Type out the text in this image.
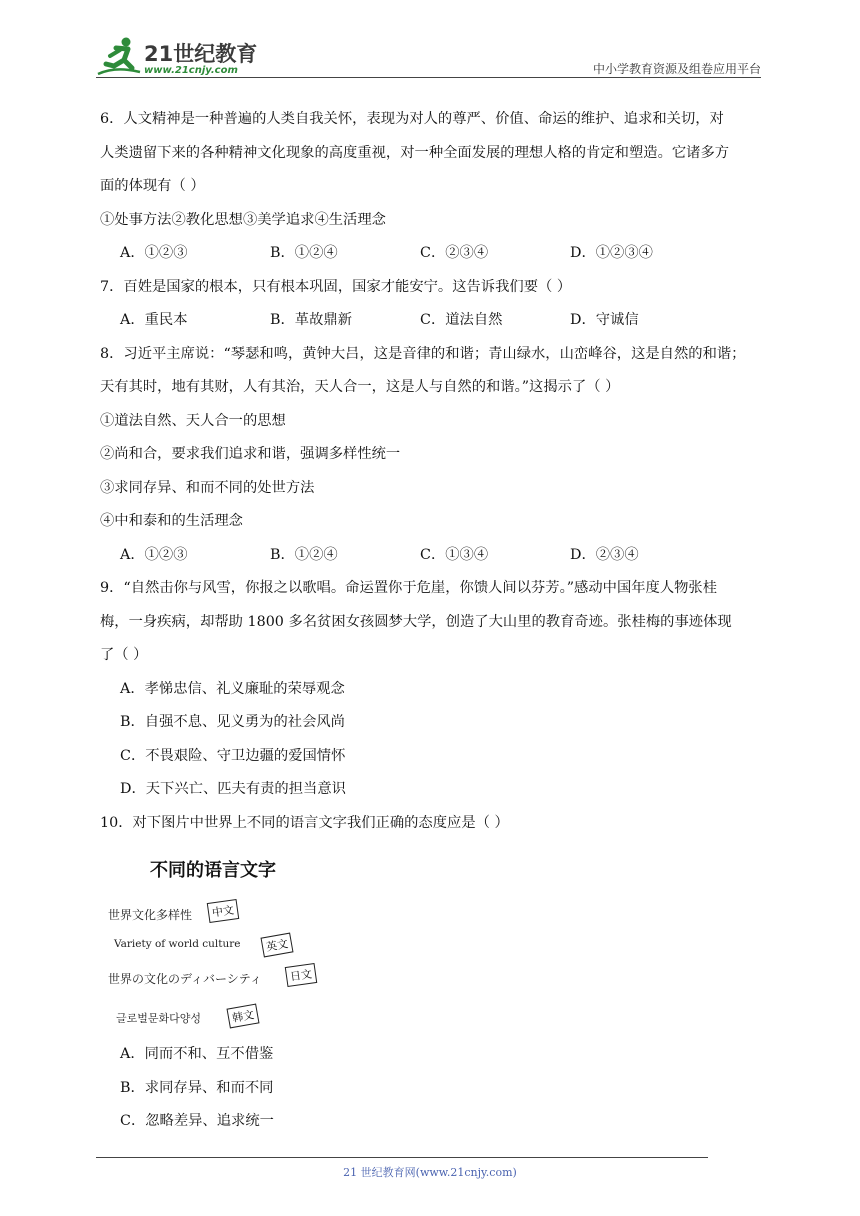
21世纪教育
www.21cnjy.com	中小学教育资源及组卷应用平台

6．人文精神是一种普遍的人类自我关怀，表现为对人的尊严、价值、命运的维护、追求和关切，对

人类遗留下来的各种精神文化现象的高度重视，对一种全面发展的理想人格的肯定和塑造。它诸多方

面的体现有（ ）

①处事方法②教化思想③美学追求④生活理念

A．①②③	B．①②④	C．②③④	D．①②③④

7．百姓是国家的根本，只有根本巩固，国家才能安宁。这告诉我们要（ ）

A．重民本	B．革故鼎新	C．道法自然	D．守诚信

8．习近平主席说：“琴瑟和鸣，黄钟大吕，这是音律的和谐；青山绿水，山峦峰谷，这是自然的和谐；

天有其时，地有其财，人有其治，天人合一，这是人与自然的和谐。”这揭示了（ ）

①道法自然、天人合一的思想

②尚和合，要求我们追求和谐，强调多样性统一

③求同存异、和而不同的处世方法

④中和泰和的生活理念

A．①②③	B．①②④	C．①③④	D．②③④

9．“自然击你与风雪，你报之以歌唱。命运置你于危崖，你馈人间以芬芳。”感动中国年度人物张桂

梅，一身疾病，却帮助 1800 多名贫困女孩圆梦大学，创造了大山里的教育奇迹。张桂梅的事迹体现

了（ ）

A．孝悌忠信、礼义廉耻的荣辱观念

B．自强不息、见义勇为的社会风尚

C．不畏艰险、守卫边疆的爱国情怀

D．天下兴亡、匹夫有责的担当意识

10．对下图片中世界上不同的语言文字我们正确的态度应是（ ）

不同的语言文字
世界文化多样性	中文
Variety of world culture	英文
世界の文化のディバーシティ	日文
글로벌문화다양성	韩文

A．同而不和、互不借鉴

B．求同存异、和而不同

C．忽略差异、追求统一

21 世纪教育网(www.21cnjy.com)
